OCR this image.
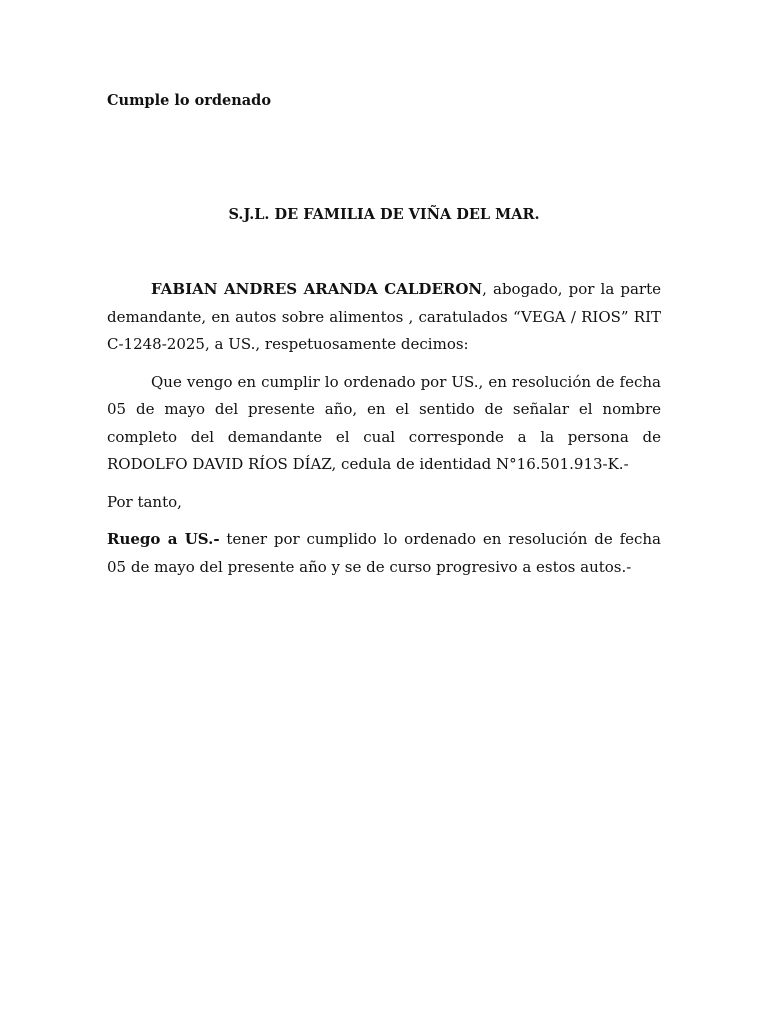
Cumple lo ordenado
S.J.L. DE FAMILIA DE VIÑA DEL MAR.

FABIAN ANDRES ARANDA CALDERON, abogado, por la parte demandante, en autos sobre alimentos , caratulados “VEGA / RIOS” RIT C-1248-2025, a US., respetuosamente decimos:

Que vengo en cumplir lo ordenado por US., en resolución de fecha 05 de mayo del presente año, en el sentido de señalar el nombre completo del demandante el cual corresponde a la persona de RODOLFO DAVID RÍOS DÍAZ, cedula de identidad N°16.501.913-K.-

Por tanto,

Ruego a US.- tener por cumplido lo ordenado en resolución de fecha 05 de mayo del presente año y se de curso progresivo a estos autos.-
